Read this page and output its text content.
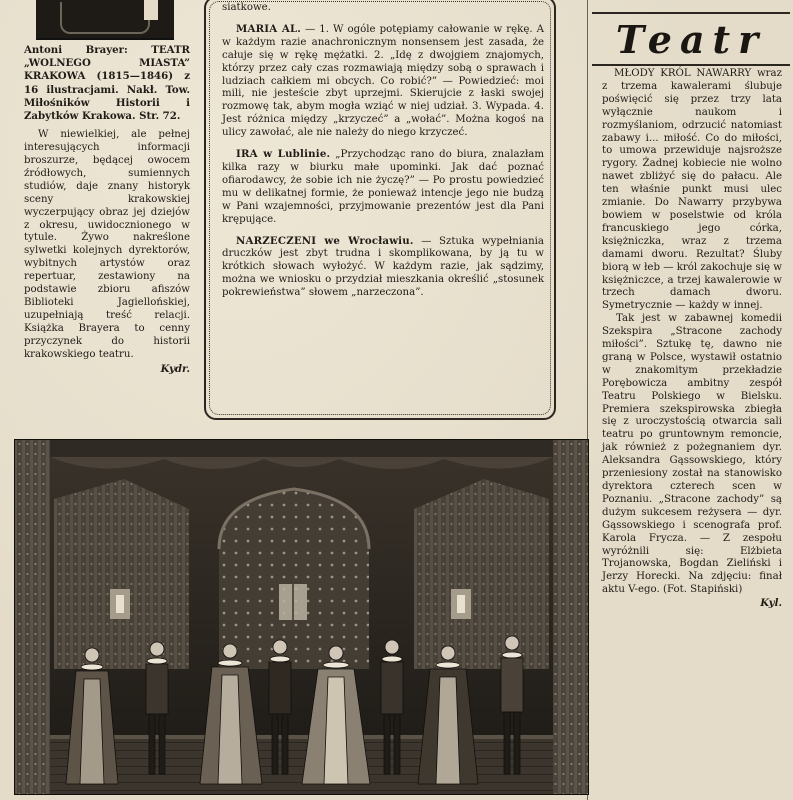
Antoni Brayer: TEATR „WOLNEGO MIASTA” KRAKOWA (1815—1846) z 16 ilustracjami. Nakł. Tow. Miłośników Historii i Zabytków Krakowa. Str. 72.

W niewielkiej, ale pełnej interesujących informacji broszurze, będącej owocem źródłowych, sumiennych studiów, daje znany historyk sceny krakowskiej wyczerpujący obraz jej dziejów z okresu, uwidocznionego w tytule. Żywo nakreślone sylwetki kolejnych dyrektorów, wybitnych artystów oraz repertuar, zestawiony na podstawie zbioru afiszów Biblioteki Jagiellońskiej, uzupełniają treść relacji. Książka Brayera to cenny przyczynek do historii krakowskiego teatru.

Kydr.

siatkowe.

MARIA AL. — 1. W ogóle potępiamy całowanie w rękę. A w każdym razie anachronicznym nonsensem jest zasada, że całuje się w rękę mężatki. 2. „Idę z dwojgiem znajomych, którzy przez cały czas rozmawiają między sobą o sprawach i ludziach całkiem mi obcych. Co robić?” — Powiedzieć: moi mili, nie jesteście zbyt uprzejmi. Skierujcie z łaski swojej rozmowę tak, abym mogła wziąć w niej udział. 3. Wypada. 4. Jest różnica między „krzyczeć” a „wołać”. Można kogoś na ulicy zawołać, ale nie należy do niego krzyczeć.

IRA w Lublinie. „Przychodząc rano do biura, znalazłam kilka razy w biurku małe upominki. Jak dać poznać ofiarodawcy, że sobie ich nie życzę?” — Po prostu powiedzieć mu w delikatnej formie, że ponieważ intencje jego nie budzą w Pani wzajemności, przyjmowanie prezentów jest dla Pani krępujące.

NARZECZENI we Wrocławiu. — Sztuka wypełniania druczków jest zbyt trudna i skomplikowana, by ją tu w krótkich słowach wyłożyć. W każdym razie, jak sądzimy, można we wniosku o przydział mieszkania określić „stosunek pokrewieństwa” słowem „narzeczona”.

Teatr

MŁODY KRÓL NAWARRY wraz z trzema kawalerami ślubuje poświęcić się przez trzy lata wyłącznie naukom i rozmyślaniom, odrzucić natomiast zabawy i... miłość. Co do miłości, to umowa przewiduje najsroższe rygory. Żadnej kobiecie nie wolno nawet zbliżyć się do pałacu. Ale ten właśnie punkt musi ulec zmianie. Do Nawarry przybywa bowiem w poselstwie od króla francuskiego jego córka, księżniczka, wraz z trzema damami dworu. Rezultat? Śluby biorą w łeb — król zakochuje się w księżniczce, a trzej kawalerowie w trzech damach dworu. Symetrycznie — każdy w innej.

Tak jest w zabawnej komedii Szekspira „Stracone zachody miłości”. Sztukę tę, dawno nie graną w Polsce, wystawił ostatnio w znakomitym przekładzie Porębowicza ambitny zespół Teatru Polskiego w Bielsku. Premiera szekspirowska zbiegła się z uroczystością otwarcia sali teatru po gruntownym remoncie, jak również z pożegnaniem dyr. Aleksandra Gąssowskiego, który przeniesiony został na stanowisko dyrektora czterech scen w Poznaniu. „Stracone zachody” są dużym sukcesem reżysera — dyr. Gąssowskiego i scenografa prof. Karola Frycza. — Z zespołu wyróżnili się: Elżbieta Trojanowska, Bogdan Zieliński i Jerzy Horecki. Na zdjęciu: finał aktu V-ego. (Fot. Stapiński)

Kyl.
